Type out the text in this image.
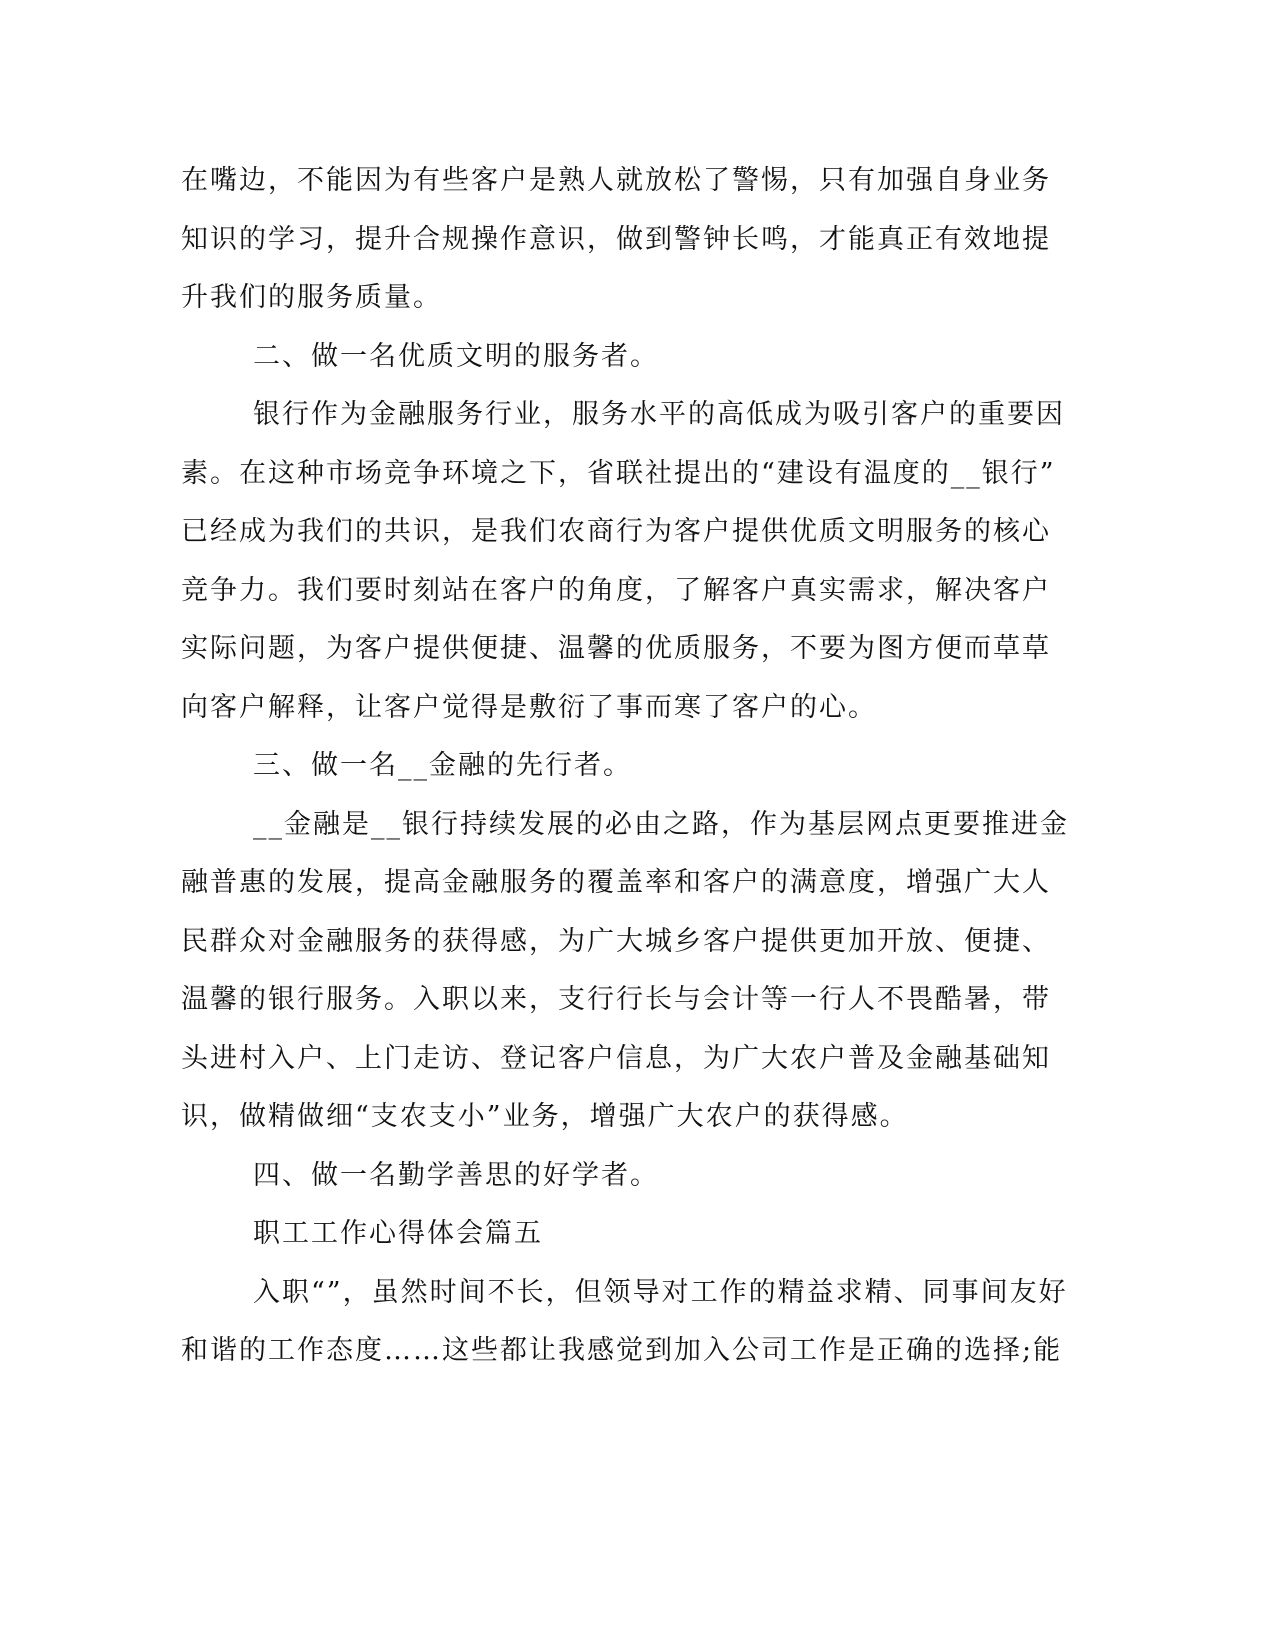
在嘴边，不能因为有些客户是熟人就放松了警惕，只有加强自身业务
知识的学习，提升合规操作意识，做到警钟长鸣，才能真正有效地提
升我们的服务质量。
二、做一名优质文明的服务者。
银行作为金融服务行业，服务水平的高低成为吸引客户的重要因
素。在这种市场竞争环境之下，省联社提出的“建设有温度的__银行”
已经成为我们的共识，是我们农商行为客户提供优质文明服务的核心
竞争力。我们要时刻站在客户的角度，了解客户真实需求，解决客户
实际问题，为客户提供便捷、温馨的优质服务，不要为图方便而草草
向客户解释，让客户觉得是敷衍了事而寒了客户的心。
三、做一名__金融的先行者。
__金融是__银行持续发展的必由之路，作为基层网点更要推进金
融普惠的发展，提高金融服务的覆盖率和客户的满意度，增强广大人
民群众对金融服务的获得感，为广大城乡客户提供更加开放、便捷、
温馨的银行服务。入职以来，支行行长与会计等一行人不畏酷暑，带
头进村入户、上门走访、登记客户信息，为广大农户普及金融基础知
识，做精做细“支农支小”业务，增强广大农户的获得感。
四、做一名勤学善思的好学者。
职工工作心得体会篇五
入职“”，虽然时间不长，但领导对工作的精益求精、同事间友好
和谐的工作态度……这些都让我感觉到加入公司工作是正确的选择;能
